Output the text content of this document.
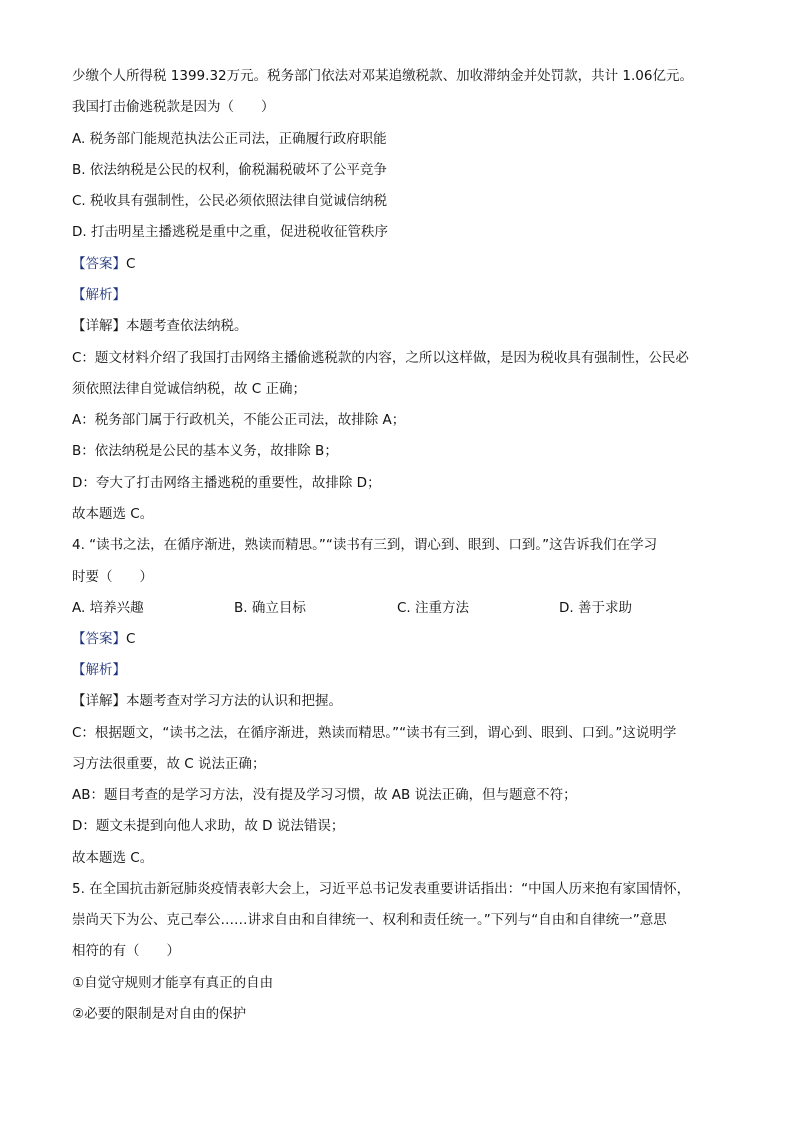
少缴个人所得税 1399.32万元。税务部门依法对邓某追缴税款、加收滞纳金并处罚款，共计 1.06亿元。
我国打击偷逃税款是因为（　　）
A. 税务部门能规范执法公正司法，正确履行政府职能
B. 依法纳税是公民的权利，偷税漏税破坏了公平竞争
C. 税收具有强制性，公民必须依照法律自觉诚信纳税
D. 打击明星主播逃税是重中之重，促进税收征管秩序
【答案】C
【解析】
【详解】本题考查依法纳税。
C：题文材料介绍了我国打击网络主播偷逃税款的内容，之所以这样做，是因为税收具有强制性，公民必
须依照法律自觉诚信纳税，故 C 正确；
A：税务部门属于行政机关，不能公正司法，故排除 A；
B：依法纳税是公民的基本义务，故排除 B；
D：夸大了打击网络主播逃税的重要性，故排除 D；
故本题选 C。
4. “读书之法，在循序渐进，熟读而精思。”“读书有三到，谓心到、眼到、口到。”这告诉我们在学习
时要（　　）
A. 培养兴趣	B. 确立目标	C. 注重方法	D. 善于求助
【答案】C
【解析】
【详解】本题考查对学习方法的认识和把握。
C：根据题文，“读书之法，在循序渐进，熟读而精思。”“读书有三到，谓心到、眼到、口到。”这说明学
习方法很重要，故 C 说法正确；
AB：题目考查的是学习方法，没有提及学习习惯，故 AB 说法正确，但与题意不符；
D：题文未提到向他人求助，故 D 说法错误；
故本题选 C。
5. 在全国抗击新冠肺炎疫情表彰大会上，习近平总书记发表重要讲话指出：“中国人历来抱有家国情怀，
崇尚天下为公、克己奉公……讲求自由和自律统一、权利和责任统一。”下列与“自由和自律统一”意思
相符的有（　　）
①自觉守规则才能享有真正的自由
②必要的限制是对自由的保护
